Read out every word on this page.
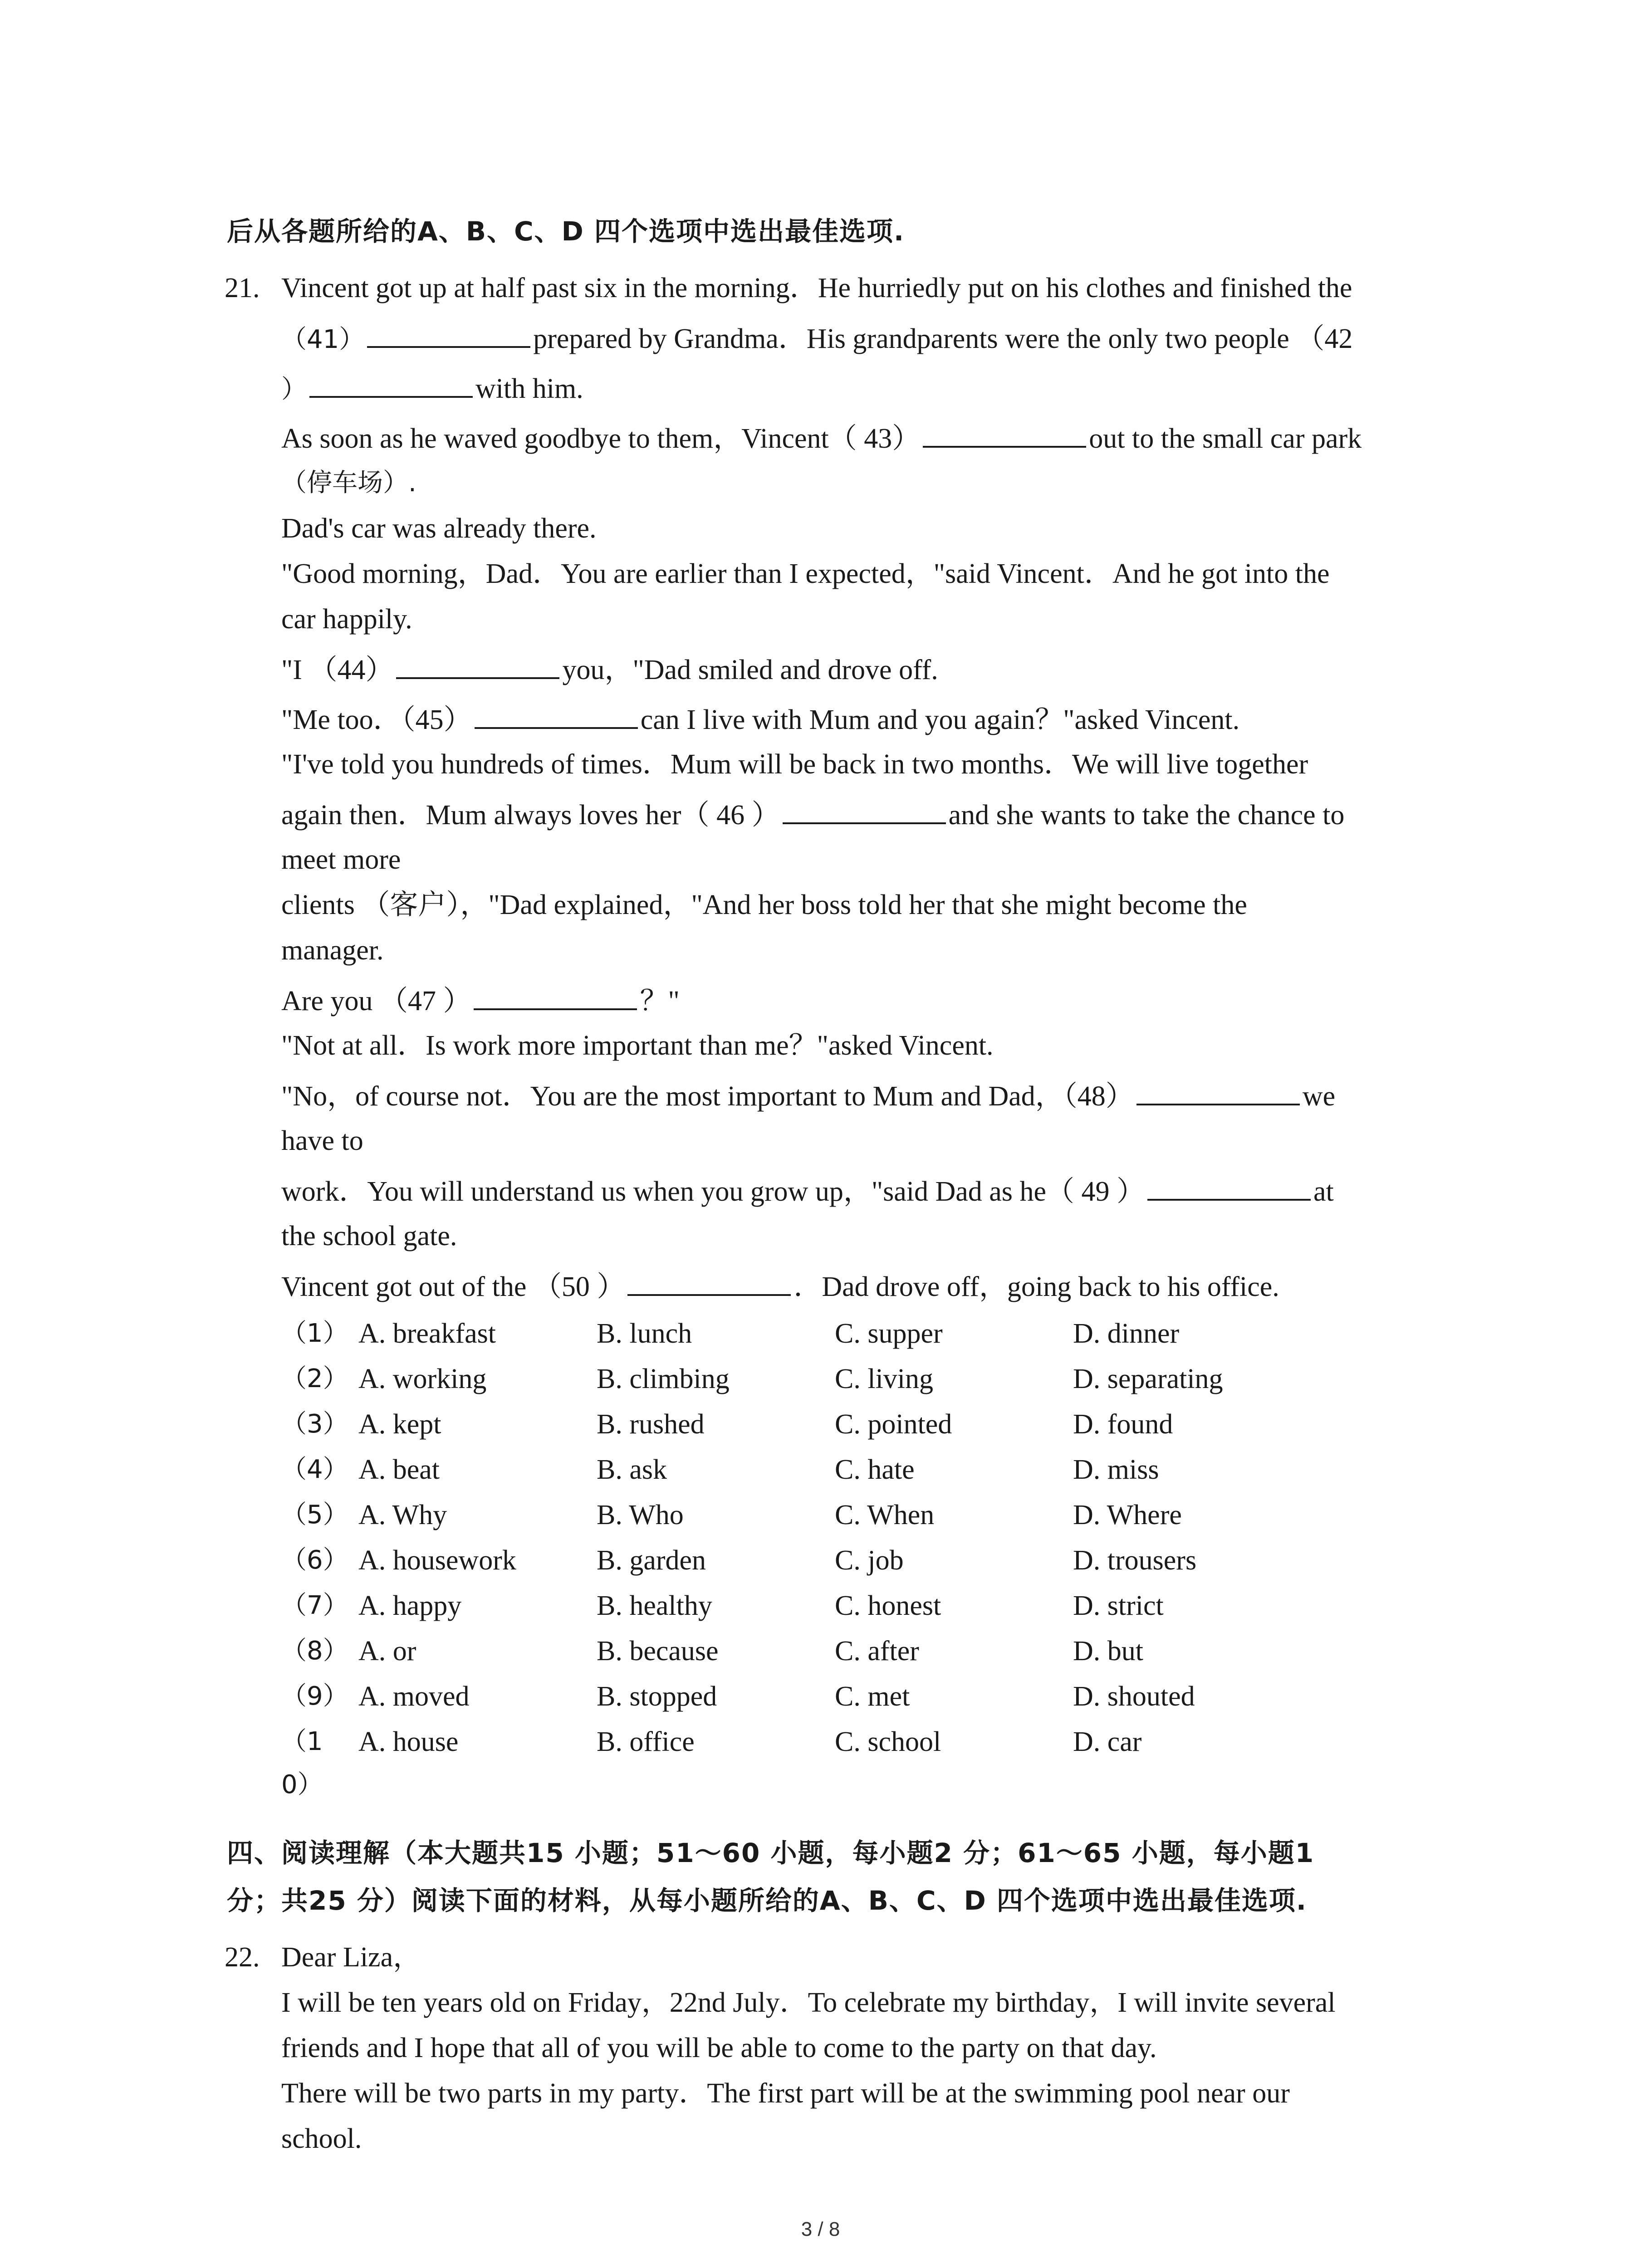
后从各题所给的A、B、C、D 四个选项中选出最佳选项.
21. Vincent got up at half past six in the morning．He hurriedly put on his clothes and finished the
（41）	prepared by Grandma．His grandparents were the only two people （42
）	with him.
As soon as he waved goodbye to them，Vincent（ 43）	out to the small car park
（停车场）.
Dad's car was already there.
"Good morning，Dad．You are earlier than I expected，"said Vincent．And he got into the
car happily.
"I （44）	you，"Dad smiled and drove off.
"Me too．（45）	can I live with Mum and you again？"asked Vincent.
"I've told you hundreds of times．Mum will be back in two months．We will live together
again then．Mum always loves her（ 46 ）	and she wants to take the chance to
meet more
clients （客户），"Dad explained，"And her boss told her that she might become the
manager.
Are you （47 ）	？"
"Not at all．Is work more important than me？"asked Vincent.
"No，of course not．You are the most important to Mum and Dad，（48）	we
have to
work．You will understand us when you grow up，"said Dad as he（ 49 ）	at
the school gate.
Vincent got out of the （50 ）	．Dad drove off，going back to his office.
（1） A. breakfast	B. lunch	C. supper	D. dinner
（2） A. working	B. climbing	C. living	D. separating
（3） A. kept	B. rushed	C. pointed	D. found
（4） A. beat	B. ask	C. hate	D. miss
（5） A. Why	B. Who	C. When	D. Where
（6） A. housework	B. garden	C. job	D. trousers
（7） A. happy	B. healthy	C. honest	D. strict
（8） A. or	B. because	C. after	D. but
（9） A. moved	B. stopped	C. met	D. shouted
（1	A. house	B. office	C. school	D. car
0）
四、阅读理解（本大题共15 小题；51～60 小题，每小题2 分；61～65 小题，每小题1
分；共25 分）阅读下面的材料，从每小题所给的A、B、C、D 四个选项中选出最佳选项.
22. Dear Liza，
I will be ten years old on Friday，22nd July．To celebrate my birthday，I will invite several
friends and I hope that all of you will be able to come to the party on that day.
There will be two parts in my party．The first part will be at the swimming pool near our
school.
3 / 8
